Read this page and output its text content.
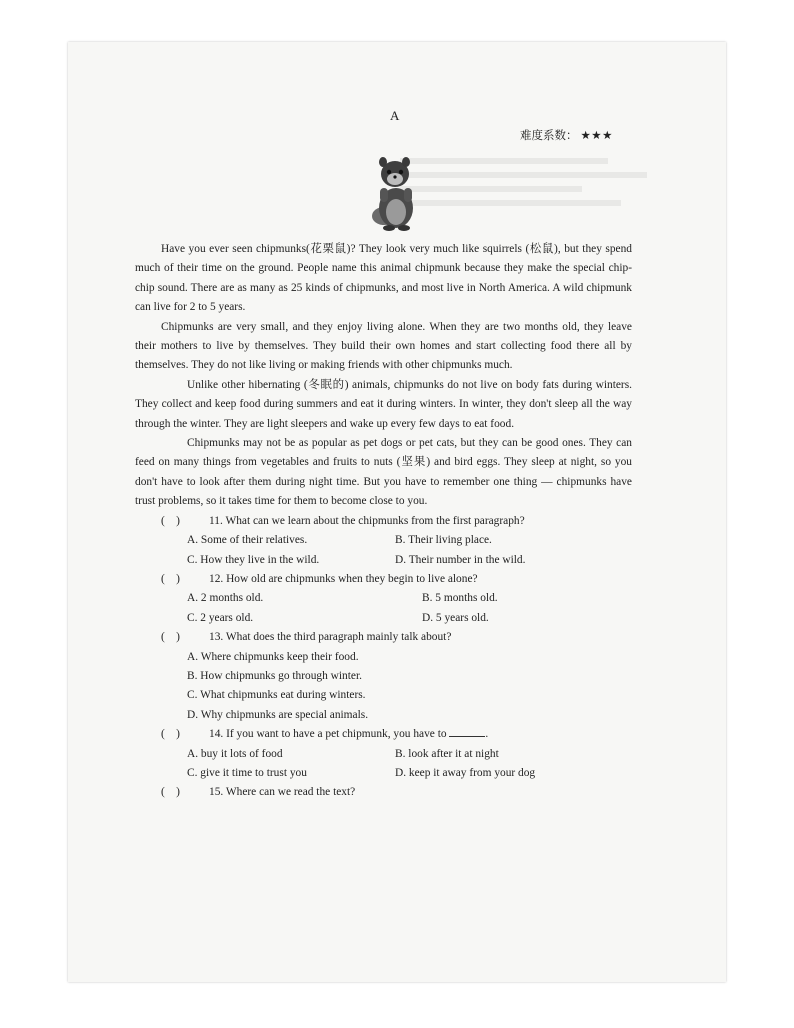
A
难度系数： ★★★

Have you ever seen chipmunks(花栗鼠)? They look very much like squirrels (松鼠), but they spend much of their time on the ground. People name this animal chipmunk because they make the special chip-chip sound. There are as many as 25 kinds of chipmunks, and most live in North America. A wild chipmunk can live for 2 to 5 years.

Chipmunks are very small, and they enjoy living alone. When they are two months old, they leave their mothers to live by themselves. They build their own homes and start collecting food there all by themselves. They do not like living or making friends with other chipmunks much.

Unlike other hibernating (冬眠的) animals, chipmunks do not live on body fats during winters. They collect and keep food during summers and eat it during winters. In winter, they don't sleep all the way through the winter. They are light sleepers and wake up every few days to eat food.

Chipmunks may not be as popular as pet dogs or pet cats, but they can be good ones. They can feed on many things from vegetables and fruits to nuts (坚果) and bird eggs. They sleep at night, so you don't have to look after them during night time. But you have to remember one thing — chipmunks have trust problems, so it takes time for them to become close to you.

(    )	11. What can we learn about the chipmunks from the first paragraph?
A. Some of their relatives.	B. Their living place.
C. How they live in the wild.	D. Their number in the wild.
(    )	12. How old are chipmunks when they begin to live alone?
A. 2 months old.	B. 5 months old.
C. 2 years old.	D. 5 years old.
(    )	13. What does the third paragraph mainly talk about?
A. Where chipmunks keep their food.
B. How chipmunks go through winter.
C. What chipmunks eat during winters.
D. Why chipmunks are special animals.
(    )	14. If you want to have a pet chipmunk, you have to	.
A. buy it lots of food	B. look after it at night
C. give it time to trust you	D. keep it away from your dog
(    )	15. Where can we read the text?
